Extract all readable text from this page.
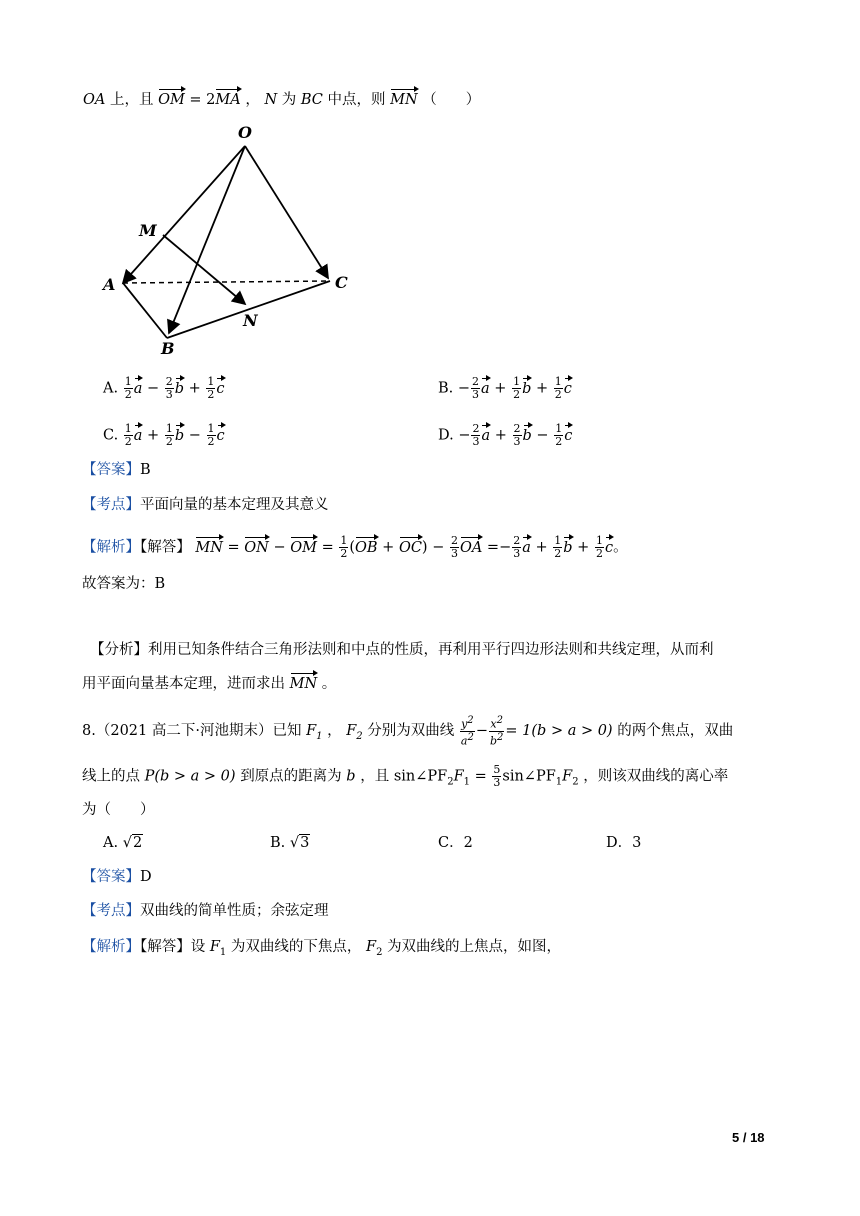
OA 上，且 OM = 2MA ， N 为 BC 中点，则 MN （　　）
O
M
A	C
N
B
A. $\frac{1}{2}$ $a - \frac{2}{3}$ $b + \frac{1}{2}$ c	B. − $\frac{2}{3}$ $a + \frac{1}{2}$ $b + \frac{1}{2}$ c
C. $\frac{1}{2}$ $a + \frac{1}{2}$ $b - \frac{1}{2}$ c	D. − $\frac{2}{3}$ $a + \frac{2}{3}$ $b - \frac{1}{2}$ c
【答案】B
【考点】平面向量的基本定理及其意义
【解析】【解答】 MN = ON − OM = $\frac{1}{2} (OB + OC) - \frac{2}{3}$ OA =− $\frac{2}{3}$ $a + \frac{1}{2}$ $b + \frac{1}{2}$ c。
故答案为：B
【分析】利用已知条件结合三角形法则和中点的性质，再利用平行四边形法则和共线定理，从而利
用平面向量基本定理，进而求出 MN 。
8.（2021 高二下·河池期末）已知 $F_1$ ， $F_2$ 分别为双曲线 $\frac{y^2}{a^2} - \frac{x^2}{b^2} = 1(b > a > 0)$ 的两个焦点，双曲
线上的点 P(b > a > 0) 到原点的距离为 b ，且 $\sin\angle PF_2F_1 = \frac{5}{3}$ $\sin\angle PF_1F_2$ ，则该双曲线的离心率
为（　　）
A. √2	B. √3	C．2	D．3
【答案】D
【考点】双曲线的简单性质；余弦定理
【解析】【解答】设 $F_1$ 为双曲线的下焦点， $F_2$ 为双曲线的上焦点，如图，
5 / 18
